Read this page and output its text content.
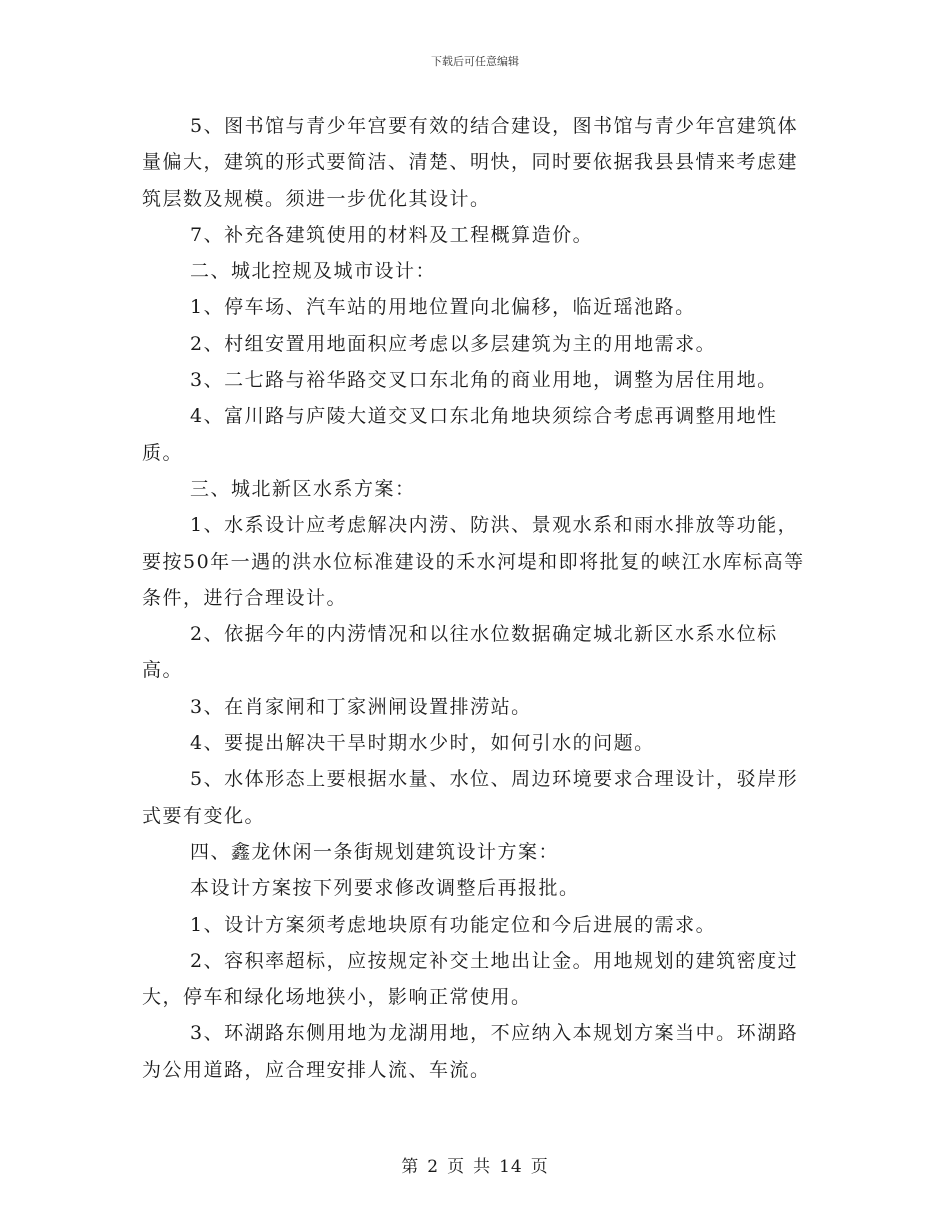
下载后可任意编辑

5、图书馆与青少年宫要有效的结合建设，图书馆与青少年宫建筑体量偏大，建筑的形式要简洁、清楚、明快，同时要依据我县县情来考虑建筑层数及规模。须进一步优化其设计。

7、补充各建筑使用的材料及工程概算造价。

二、城北控规及城市设计：

1、停车场、汽车站的用地位置向北偏移，临近瑶池路。

2、村组安置用地面积应考虑以多层建筑为主的用地需求。

3、二七路与裕华路交叉口东北角的商业用地，调整为居住用地。

4、富川路与庐陵大道交叉口东北角地块须综合考虑再调整用地性质。

三、城北新区水系方案：

1、水系设计应考虑解决内涝、防洪、景观水系和雨水排放等功能，要按50年一遇的洪水位标准建设的禾水河堤和即将批复的峡江水库标高等条件，进行合理设计。

2、依据今年的内涝情况和以往水位数据确定城北新区水系水位标高。

3、在肖家闸和丁家洲闸设置排涝站。

4、要提出解决干旱时期水少时，如何引水的问题。

5、水体形态上要根据水量、水位、周边环境要求合理设计，驳岸形式要有变化。

四、鑫龙休闲一条街规划建筑设计方案：

本设计方案按下列要求修改调整后再报批。

1、设计方案须考虑地块原有功能定位和今后进展的需求。

2、容积率超标，应按规定补交土地出让金。用地规划的建筑密度过大，停车和绿化场地狭小，影响正常使用。

3、环湖路东侧用地为龙湖用地，不应纳入本规划方案当中。环湖路为公用道路，应合理安排人流、车流。

第 2 页 共 14 页
